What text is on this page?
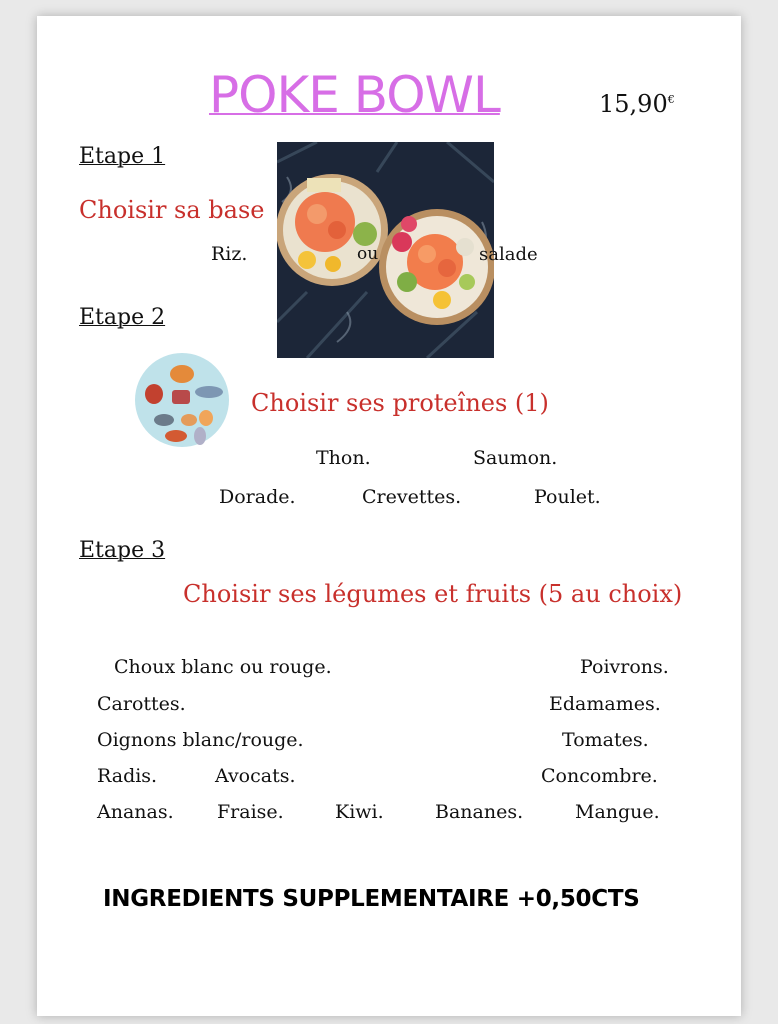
POKE BOWL	15,90€
Etape 1
Choisir sa base
Riz.	ou	salade
Etape 2
Choisir ses proteînes (1)
Thon.	Saumon.
Dorade.	Crevettes.	Poulet.
Etape 3
Choisir ses légumes et fruits (5 au choix)
Choux blanc ou rouge.
Carottes.
Oignons blanc/rouge.
Radis.	Avocats.
Ananas. Fraise.	Kiwi.	Bananes.
Poivrons.
Edamames.
Tomates.
Concombre.
Mangue.
INGREDIENTS SUPPLEMENTAIRE +0,50CTS
